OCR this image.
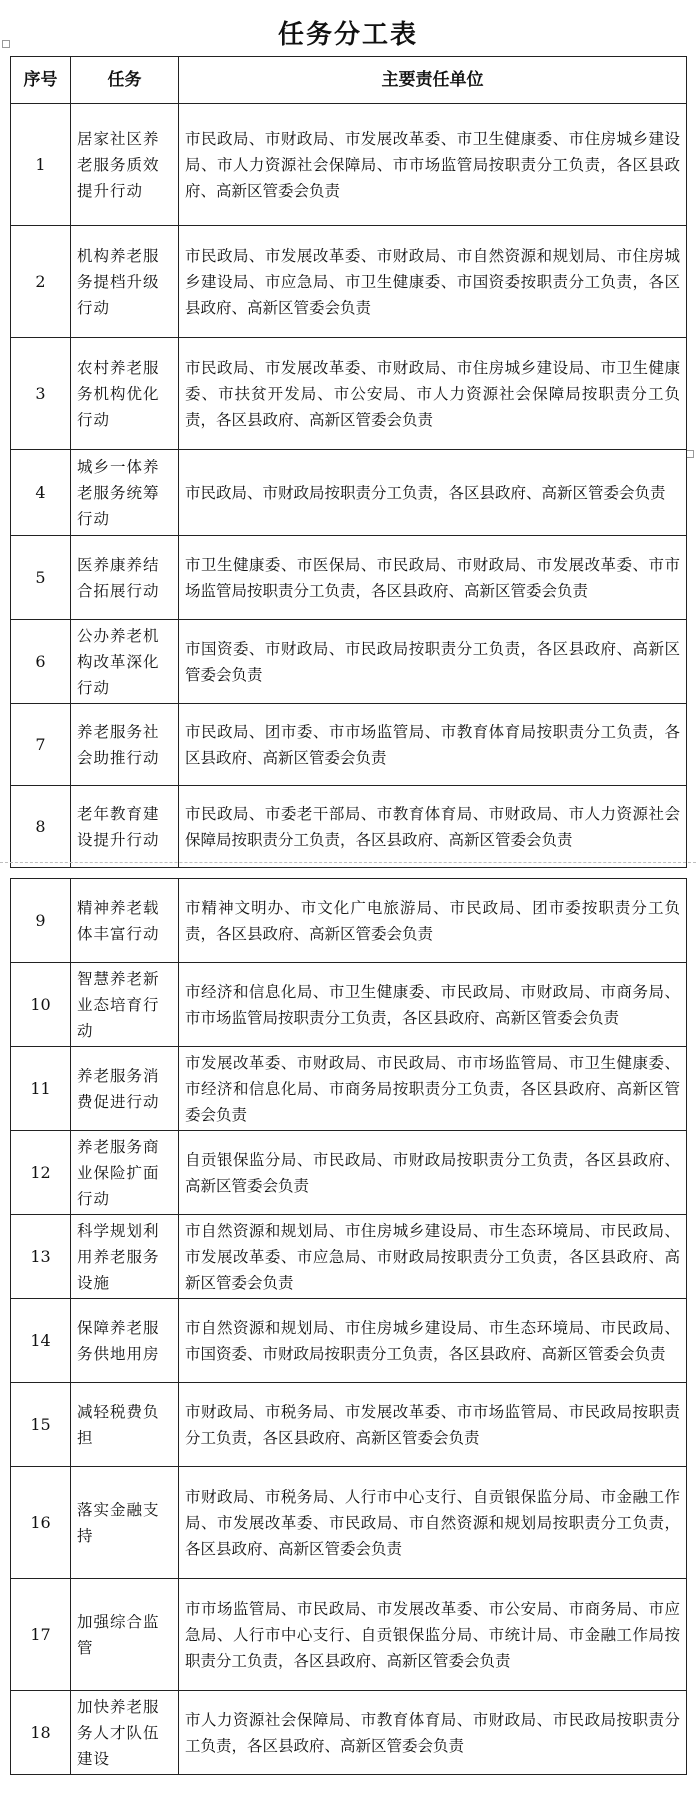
任务分工表
序号	任务	主要责任单位
1	居家社区养老服务质效提升行动	市民政局、市财政局、市发展改革委、市卫生健康委、市住房城乡建设局、市人力资源社会保障局、市市场监管局按职责分工负责，各区县政府、高新区管委会负责
2	机构养老服务提档升级行动	市民政局、市发展改革委、市财政局、市自然资源和规划局、市住房城乡建设局、市应急局、市卫生健康委、市国资委按职责分工负责，各区县政府、高新区管委会负责
3	农村养老服务机构优化行动	市民政局、市发展改革委、市财政局、市住房城乡建设局、市卫生健康委、市扶贫开发局、市公安局、市人力资源社会保障局按职责分工负责，各区县政府、高新区管委会负责
4	城乡一体养老服务统筹行动	市民政局、市财政局按职责分工负责，各区县政府、高新区管委会负责
5	医养康养结合拓展行动	市卫生健康委、市医保局、市民政局、市财政局、市发展改革委、市市场监管局按职责分工负责，各区县政府、高新区管委会负责
6	公办养老机构改革深化行动	市国资委、市财政局、市民政局按职责分工负责，各区县政府、高新区管委会负责
7	养老服务社会助推行动	市民政局、团市委、市市场监管局、市教育体育局按职责分工负责，各区县政府、高新区管委会负责
8	老年教育建设提升行动	市民政局、市委老干部局、市教育体育局、市财政局、市人力资源社会保障局按职责分工负责，各区县政府、高新区管委会负责
9	精神养老载体丰富行动	市精神文明办、市文化广电旅游局、市民政局、团市委按职责分工负责，各区县政府、高新区管委会负责
10	智慧养老新业态培育行动	市经济和信息化局、市卫生健康委、市民政局、市财政局、市商务局、市市场监管局按职责分工负责，各区县政府、高新区管委会负责
11	养老服务消费促进行动	市发展改革委、市财政局、市民政局、市市场监管局、市卫生健康委、市经济和信息化局、市商务局按职责分工负责，各区县政府、高新区管委会负责
12	养老服务商业保险扩面行动	自贡银保监分局、市民政局、市财政局按职责分工负责，各区县政府、高新区管委会负责
13	科学规划利用养老服务设施	市自然资源和规划局、市住房城乡建设局、市生态环境局、市民政局、市发展改革委、市应急局、市财政局按职责分工负责，各区县政府、高新区管委会负责
14	保障养老服务供地用房	市自然资源和规划局、市住房城乡建设局、市生态环境局、市民政局、市国资委、市财政局按职责分工负责，各区县政府、高新区管委会负责
15	减轻税费负担	市财政局、市税务局、市发展改革委、市市场监管局、市民政局按职责分工负责，各区县政府、高新区管委会负责
16	落实金融支持	市财政局、市税务局、人行市中心支行、自贡银保监分局、市金融工作局、市发展改革委、市民政局、市自然资源和规划局按职责分工负责，各区县政府、高新区管委会负责
17	加强综合监管	市市场监管局、市民政局、市发展改革委、市公安局、市商务局、市应急局、人行市中心支行、自贡银保监分局、市统计局、市金融工作局按职责分工负责，各区县政府、高新区管委会负责
18	加快养老服务人才队伍建设	市人力资源社会保障局、市教育体育局、市财政局、市民政局按职责分工负责，各区县政府、高新区管委会负责
